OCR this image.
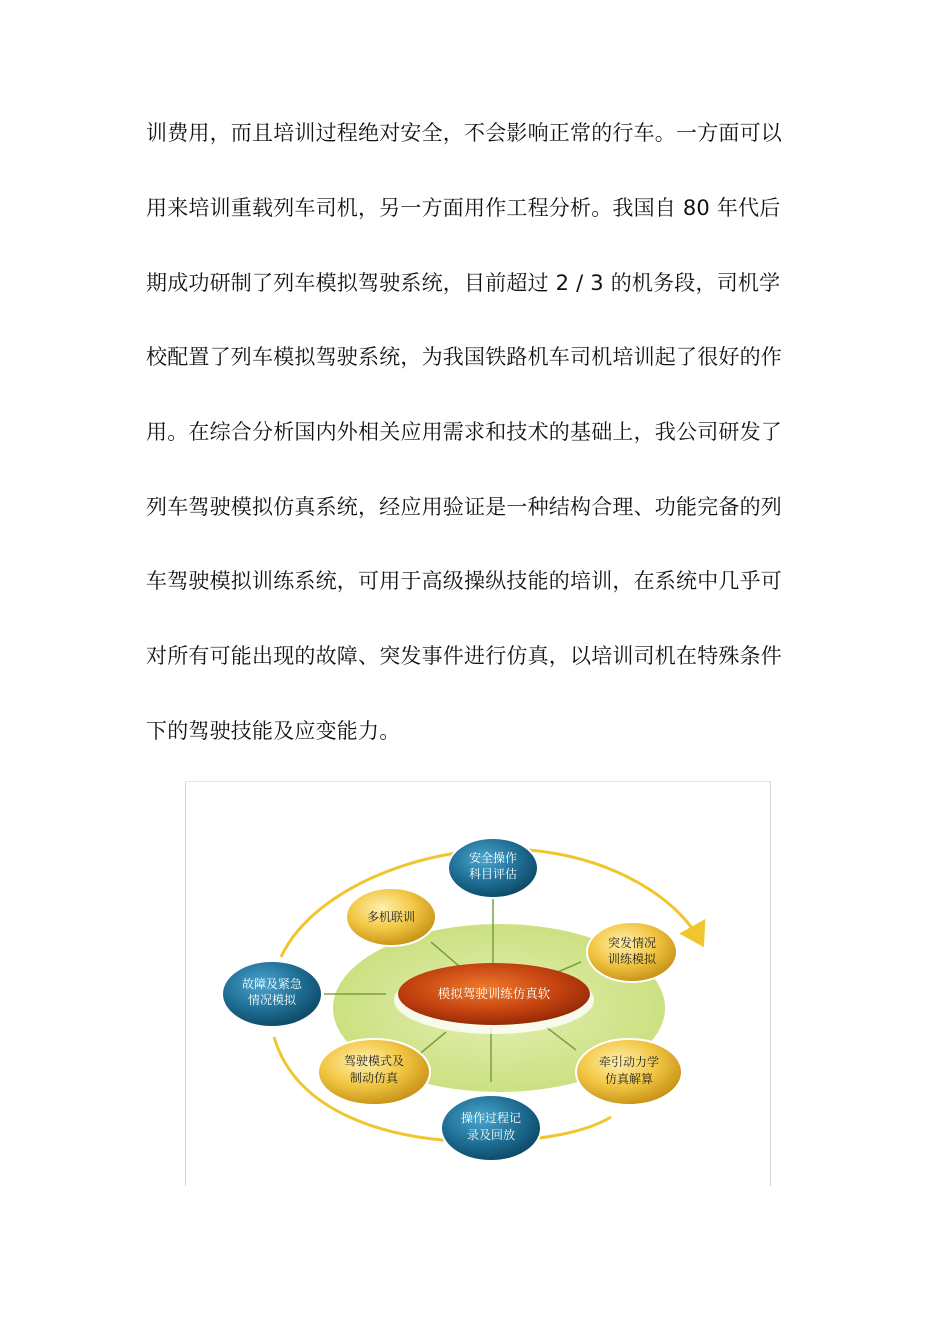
训费用，而且培训过程绝对安全，不会影响正常的行车。一方面可以
用来培训重载列车司机，另一方面用作工程分析。我国自 80 年代后
期成功研制了列车模拟驾驶系统，目前超过 2 / 3 的机务段，司机学
校配置了列车模拟驾驶系统，为我国铁路机车司机培训起了很好的作
用。在综合分析国内外相关应用需求和技术的基础上，我公司研发了
列车驾驶模拟仿真系统，经应用验证是一种结构合理、功能完备的列
车驾驶模拟训练系统，可用于高级操纵技能的培训，在系统中几乎可
对所有可能出现的故障、突发事件进行仿真，以培训司机在特殊条件
下的驾驶技能及应变能力。
模拟驾驶训练仿真软
安全操作
科目评估
多机联训
突发情况
训练模拟
故障及紧急
情况模拟
驾驶模式及
制动仿真
牵引动力学
仿真解算
操作过程记
录及回放
